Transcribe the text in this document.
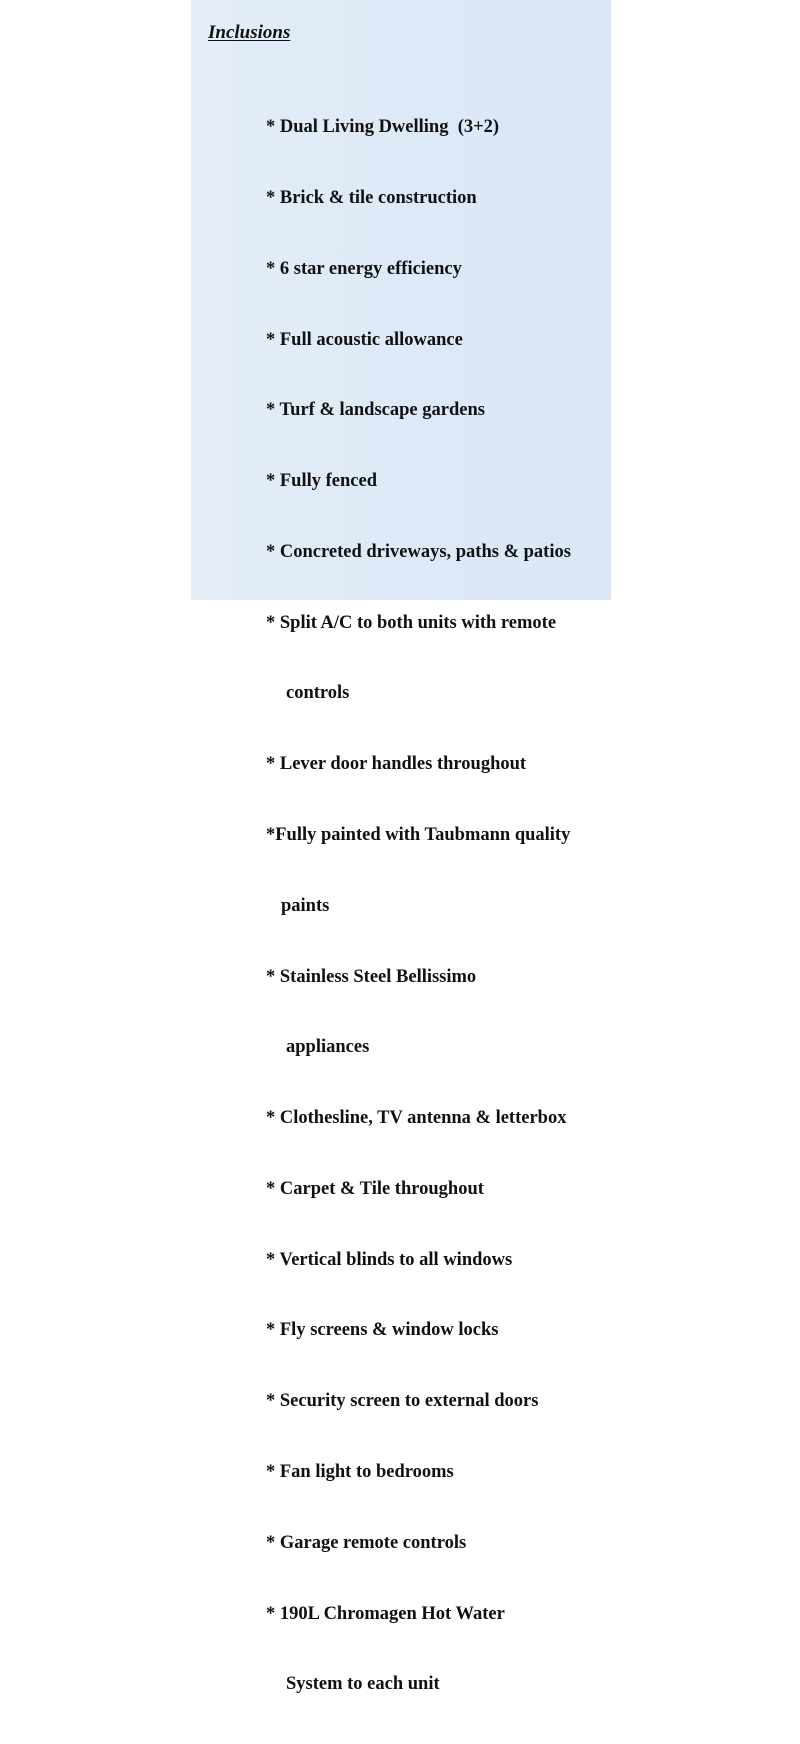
Inclusions

* Dual Living Dwelling  (3+2)

* Brick & tile construction

* 6 star energy efficiency

* Full acoustic allowance

* Turf & landscape gardens

* Fully fenced

* Concreted driveways, paths & patios

* Split A/C to both units with remote

controls

* Lever door handles throughout

*Fully painted with Taubmann quality

paints

* Stainless Steel Bellissimo

appliances

* Clothesline, TV antenna & letterbox

* Carpet & Tile throughout

* Vertical blinds to all windows

* Fly screens & window locks

* Security screen to external doors

* Fan light to bedrooms

* Garage remote controls

* 190L Chromagen Hot Water

System to each unit
